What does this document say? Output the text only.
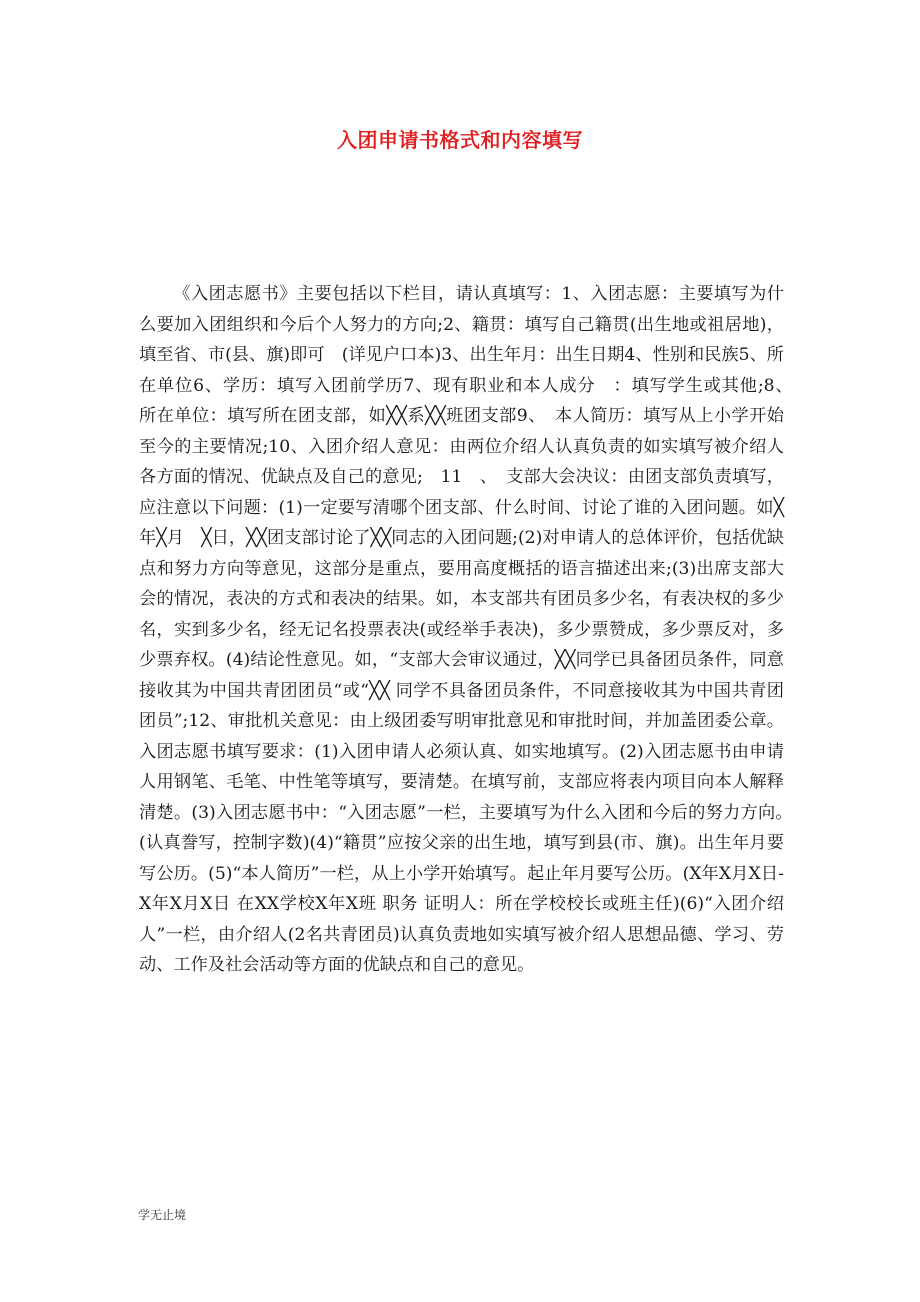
入团申请书格式和内容填写

《入团志愿书》主要包括以下栏目，请认真填写：1、入团志愿：主要填写为什么要加入团组织和今后个人努力的方向;2、籍贯：填写自己籍贯(出生地或祖居地)，填至省、市(县、旗)即可　(详见户口本)3、出生年月：出生日期4、性别和民族5、所在单位6、学历：填写入团前学历7、现有职业和本人成分　：填写学生或其他;8、　所在单位：填写所在团支部，如╳╳系╳╳班团支部9、　本人简历：填写从上小学开始至今的主要情况;10、入团介绍人意见：由两位介绍人认真负责的如实填写被介绍人各方面的情况、优缺点及自己的意见;　11　、　支部大会决议：由团支部负责填写，应注意以下问题：(1)一定要写清哪个团支部、什么时间、讨论了谁的入团问题。如╳　年╳月　╳日，╳╳团支部讨论了╳╳同志的入团问题;(2)对申请人的总体评价，包括优缺点和努力方向等意见，这部分是重点，要用高度概括的语言描述出来;(3)出席支部大会的情况，表决的方式和表决的结果。如，本支部共有团员多少名，有表决权的多少名，实到多少名，经无记名投票表决(或经举手表决)，多少票赞成，多少票反对，多少票弃权。(4)结论性意见。如，“支部大会审议通过，╳╳同学已具备团员条件，同意接收其为中国共青团团员“或“╳╳ 同学不具备团员条件，不同意接收其为中国共青团团员”;12、审批机关意见：由上级团委写明审批意见和审批时间，并加盖团委公章。入团志愿书填写要求：(1)入团申请人必须认真、如实地填写。(2)入团志愿书由申请人用钢笔、毛笔、中性笔等填写，要清楚。在填写前，支部应将表内项目向本人解释清楚。(3)入团志愿书中：“入团志愿”一栏，主要填写为什么入团和今后的努力方向。　(认真誊写，控制字数)(4)“籍贯”应按父亲的出生地，填写到县(市、旗)。出生年月要写公历。(5)“本人简历”一栏，从上小学开始填写。起止年月要写公历。(X年X月X日-X年X月X日 在XX学校X年X班 职务 证明人：所在学校校长或班主任)(6)“入团介绍人”一栏，由介绍人(2名共青团员)认真负责地如实填写被介绍人思想品德、学习、劳动、工作及社会活动等方面的优缺点和自己的意见。

学无止境
